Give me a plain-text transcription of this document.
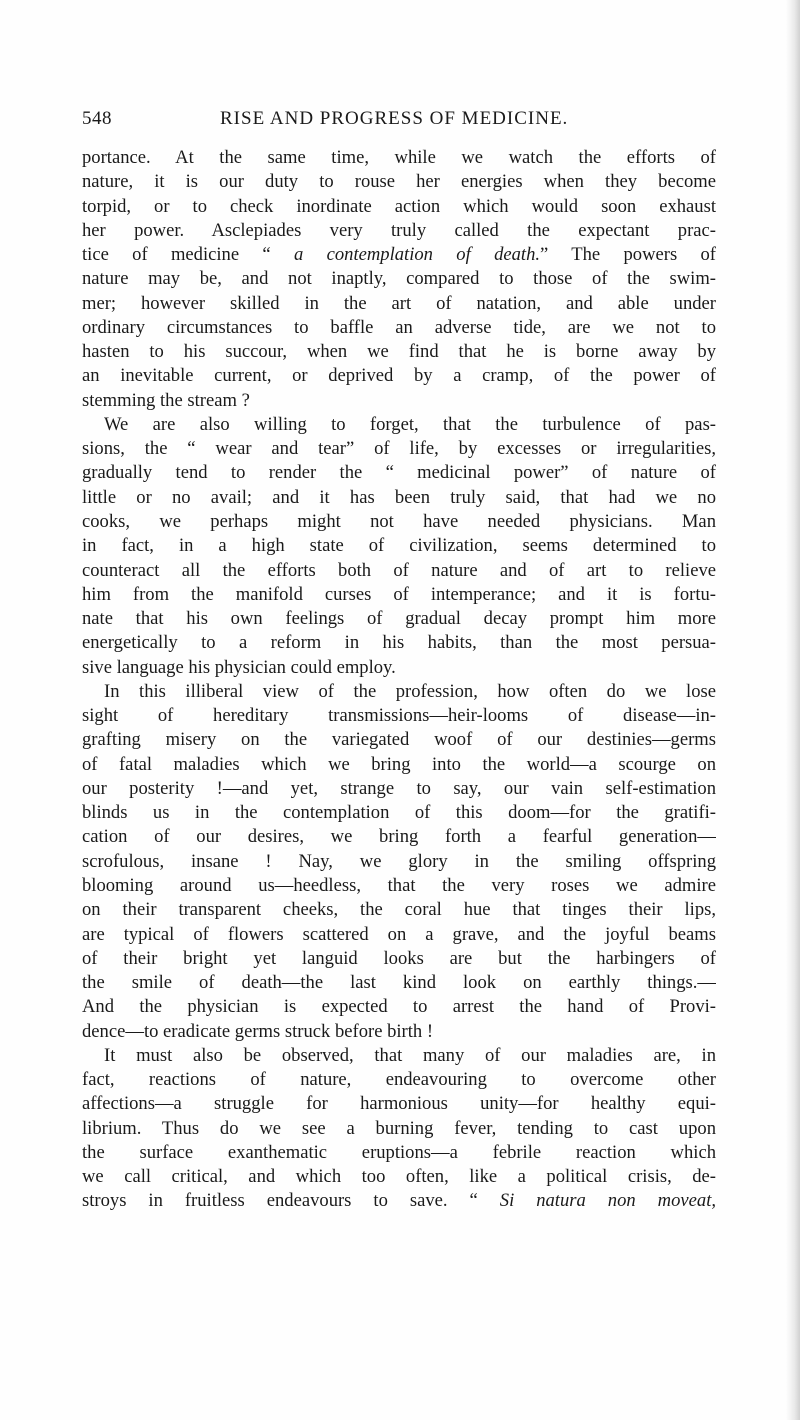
548	RISE AND PROGRESS OF MEDICINE.
portance. At the same time, while we watch the efforts of
nature, it is our duty to rouse her energies when they become
torpid, or to check inordinate action which would soon exhaust
her power. Asclepiades very truly called the expectant prac-
tice of medicine “ a contemplation of death.” The powers of
nature may be, and not inaptly, compared to those of the swim-
mer; however skilled in the art of natation, and able under
ordinary circumstances to baffle an adverse tide, are we not to
hasten to his succour, when we find that he is borne away by
an inevitable current, or deprived by a cramp, of the power of
stemming the stream ?
We are also willing to forget, that the turbulence of pas-
sions, the “ wear and tear” of life, by excesses or irregularities,
gradually tend to render the “ medicinal power” of nature of
little or no avail; and it has been truly said, that had we no
cooks, we perhaps might not have needed physicians. Man
in fact, in a high state of civilization, seems determined to
counteract all the efforts both of nature and of art to relieve
him from the manifold curses of intemperance; and it is fortu-
nate that his own feelings of gradual decay prompt him more
energetically to a reform in his habits, than the most persua-
sive language his physician could employ.
In this illiberal view of the profession, how often do we lose
sight of hereditary transmissions—heir-looms of disease—in-
grafting misery on the variegated woof of our destinies—germs
of fatal maladies which we bring into the world—a scourge on
our posterity !—and yet, strange to say, our vain self-estimation
blinds us in the contemplation of this doom—for the gratifi-
cation of our desires, we bring forth a fearful generation—
scrofulous, insane ! Nay, we glory in the smiling offspring
blooming around us—heedless, that the very roses we admire
on their transparent cheeks, the coral hue that tinges their lips,
are typical of flowers scattered on a grave, and the joyful beams
of their bright yet languid looks are but the harbingers of
the smile of death—the last kind look on earthly things.—
And the physician is expected to arrest the hand of Provi-
dence—to eradicate germs struck before birth !
It must also be observed, that many of our maladies are, in
fact, reactions of nature, endeavouring to overcome other
affections—a struggle for harmonious unity—for healthy equi-
librium. Thus do we see a burning fever, tending to cast upon
the surface exanthematic eruptions—a febrile reaction which
we call critical, and which too often, like a political crisis, de-
stroys in fruitless endeavours to save. “ Si natura non moveat,
